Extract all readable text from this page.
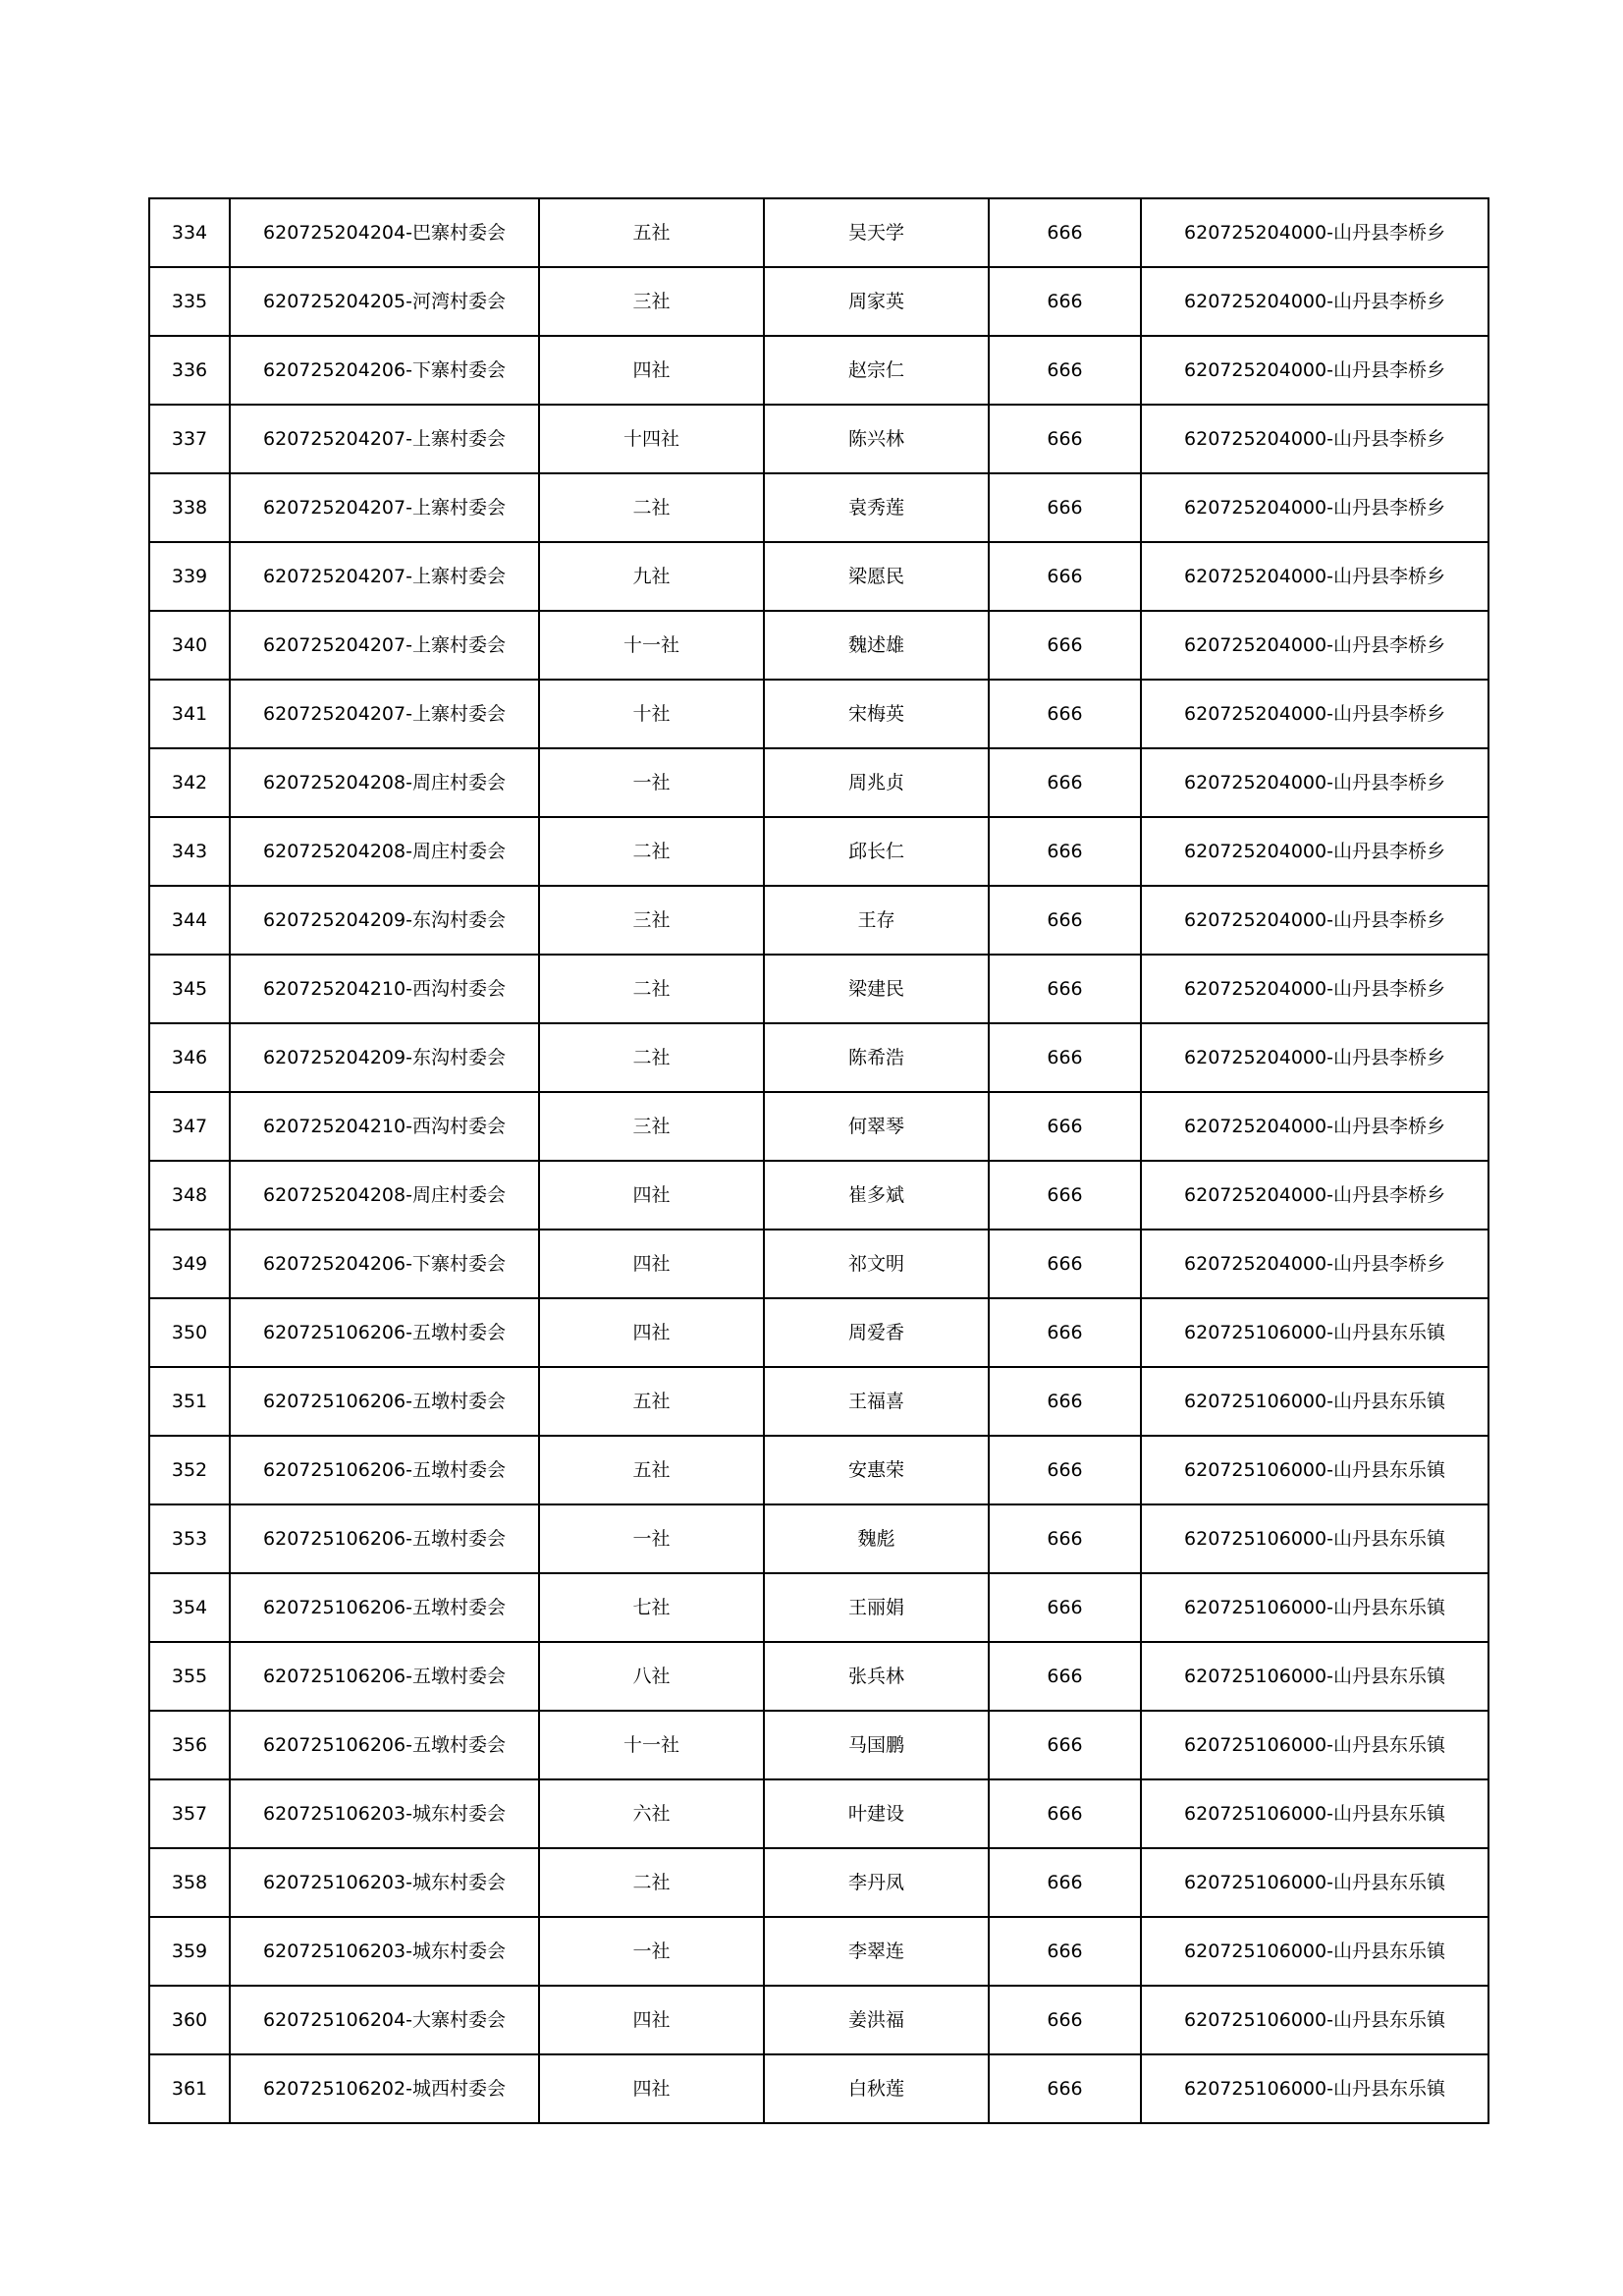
334	620725204204-巴寨村委会	五社	吴天学	666	620725204000-山丹县李桥乡
335	620725204205-河湾村委会	三社	周家英	666	620725204000-山丹县李桥乡
336	620725204206-下寨村委会	四社	赵宗仁	666	620725204000-山丹县李桥乡
337	620725204207-上寨村委会	十四社	陈兴林	666	620725204000-山丹县李桥乡
338	620725204207-上寨村委会	二社	袁秀莲	666	620725204000-山丹县李桥乡
339	620725204207-上寨村委会	九社	梁愿民	666	620725204000-山丹县李桥乡
340	620725204207-上寨村委会	十一社	魏述雄	666	620725204000-山丹县李桥乡
341	620725204207-上寨村委会	十社	宋梅英	666	620725204000-山丹县李桥乡
342	620725204208-周庄村委会	一社	周兆贞	666	620725204000-山丹县李桥乡
343	620725204208-周庄村委会	二社	邱长仁	666	620725204000-山丹县李桥乡
344	620725204209-东沟村委会	三社	王存	666	620725204000-山丹县李桥乡
345	620725204210-西沟村委会	二社	梁建民	666	620725204000-山丹县李桥乡
346	620725204209-东沟村委会	二社	陈希浩	666	620725204000-山丹县李桥乡
347	620725204210-西沟村委会	三社	何翠琴	666	620725204000-山丹县李桥乡
348	620725204208-周庄村委会	四社	崔多斌	666	620725204000-山丹县李桥乡
349	620725204206-下寨村委会	四社	祁文明	666	620725204000-山丹县李桥乡
350	620725106206-五墩村委会	四社	周爱香	666	620725106000-山丹县东乐镇
351	620725106206-五墩村委会	五社	王福喜	666	620725106000-山丹县东乐镇
352	620725106206-五墩村委会	五社	安惠荣	666	620725106000-山丹县东乐镇
353	620725106206-五墩村委会	一社	魏彪	666	620725106000-山丹县东乐镇
354	620725106206-五墩村委会	七社	王丽娟	666	620725106000-山丹县东乐镇
355	620725106206-五墩村委会	八社	张兵林	666	620725106000-山丹县东乐镇
356	620725106206-五墩村委会	十一社	马国鹏	666	620725106000-山丹县东乐镇
357	620725106203-城东村委会	六社	叶建设	666	620725106000-山丹县东乐镇
358	620725106203-城东村委会	二社	李丹凤	666	620725106000-山丹县东乐镇
359	620725106203-城东村委会	一社	李翠连	666	620725106000-山丹县东乐镇
360	620725106204-大寨村委会	四社	姜洪福	666	620725106000-山丹县东乐镇
361	620725106202-城西村委会	四社	白秋莲	666	620725106000-山丹县东乐镇
